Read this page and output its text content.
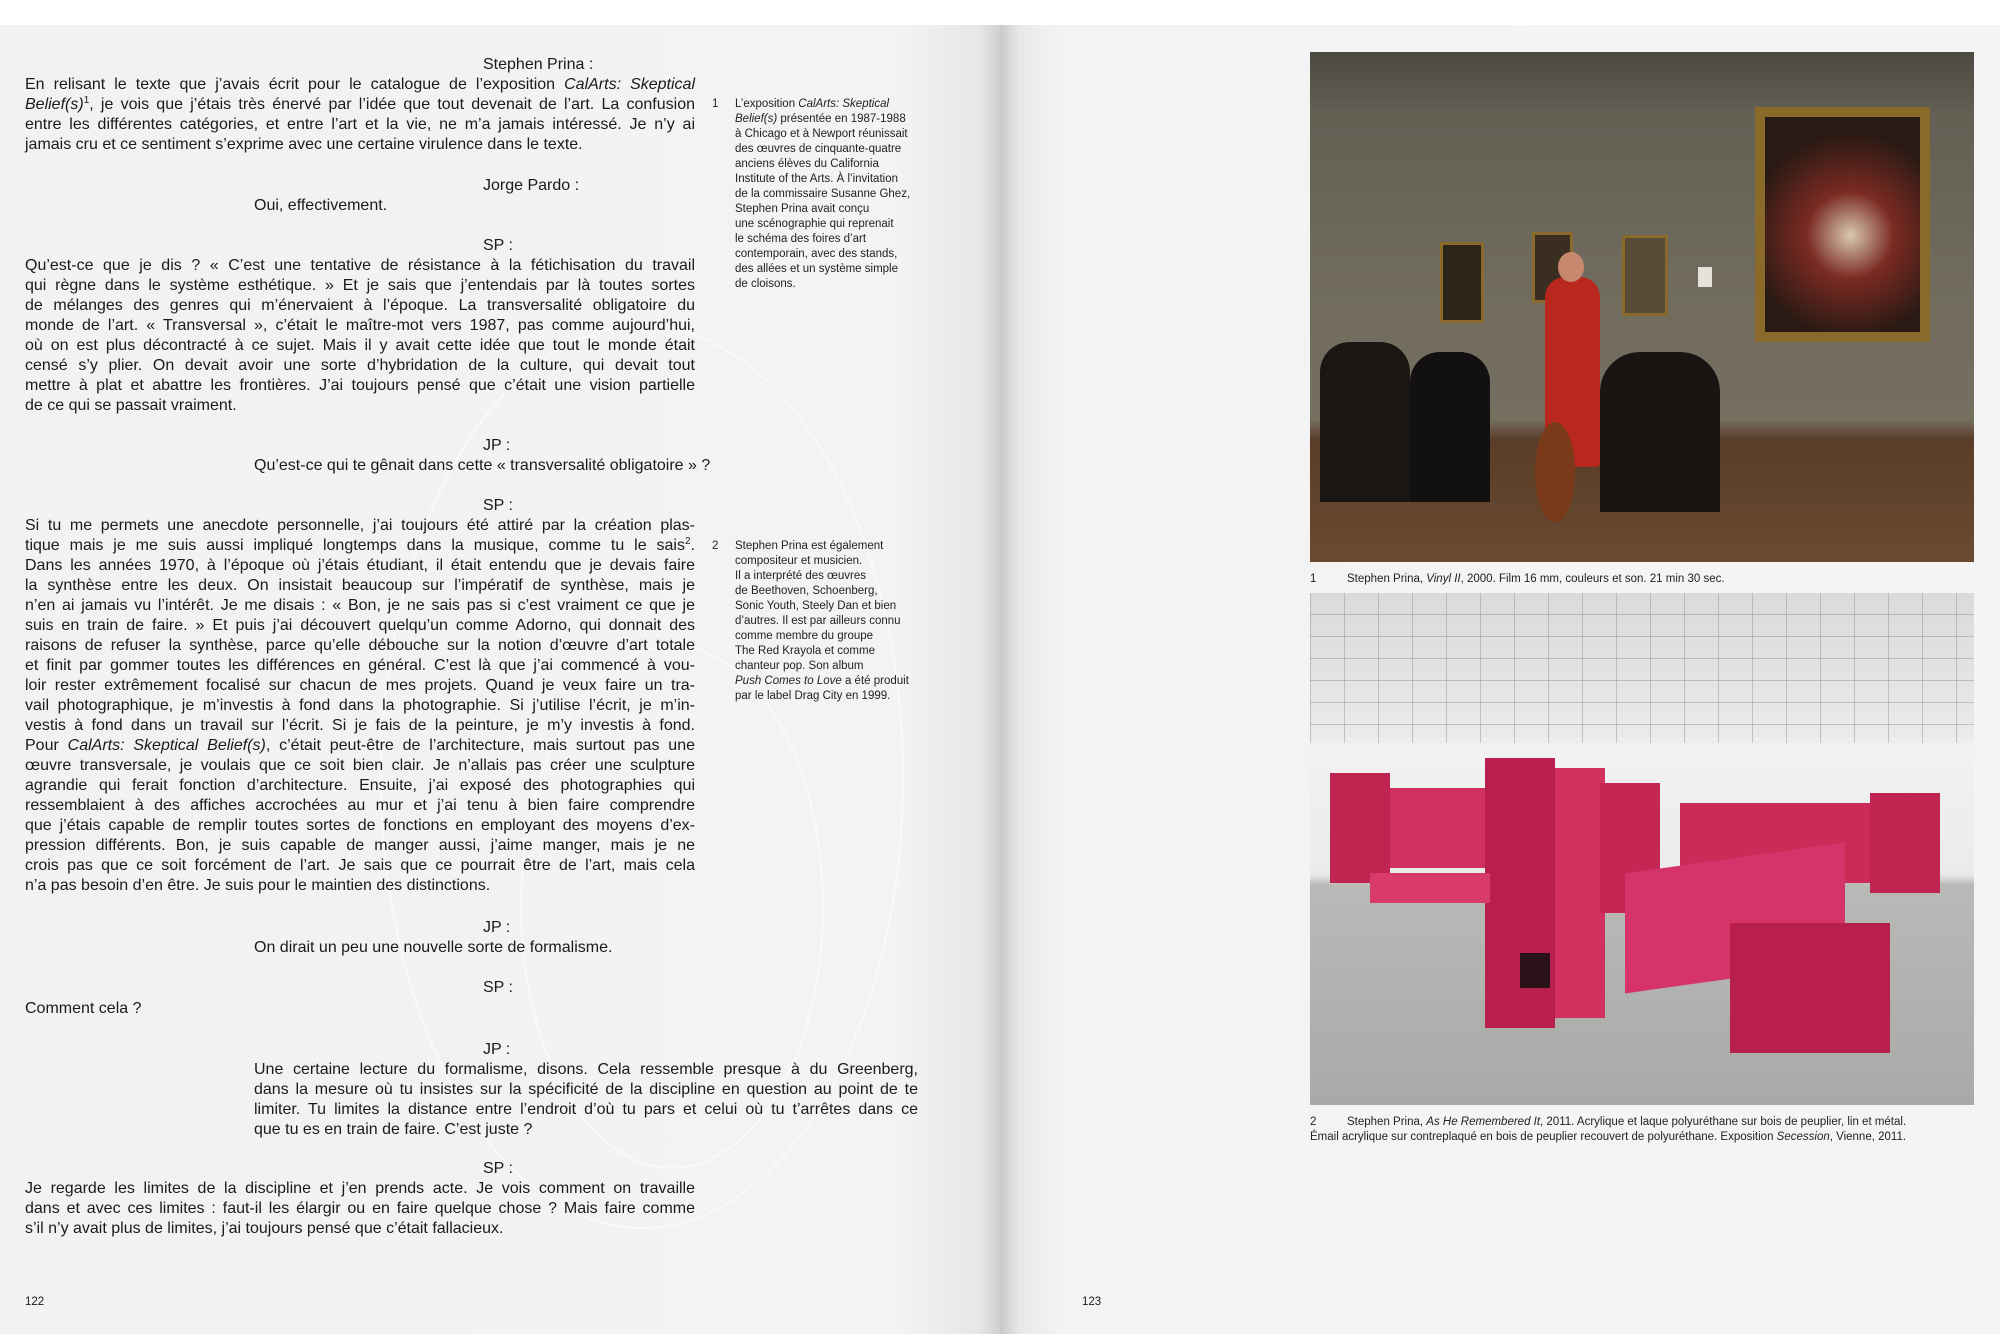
Stephen Prina :
En relisant le texte que j’avais écrit pour le catalogue de l’exposition CalArts: Skeptical
$Belief(s)^1$, je vois que j’étais très énervé par l’idée que tout devenait de l’art. La confusion
entre les différentes catégories, et entre l’art et la vie, ne m’a jamais intéressé. Je n’y ai
jamais cru et ce sentiment s’exprime avec une certaine virulence dans le texte.
Jorge Pardo :
Oui, effectivement.
SP :
Qu’est-ce que je dis ? « C’est une tentative de résistance à la fétichisation du travail
qui règne dans le système esthétique. » Et je sais que j’entendais par là toutes sortes
de mélanges des genres qui m’énervaient à l’époque. La transversalité obligatoire du
monde de l’art. « Transversal », c’était le maître-mot vers 1987, pas comme aujourd’hui,
où on est plus décontracté à ce sujet. Mais il y avait cette idée que tout le monde était
censé s’y plier. On devait avoir une sorte d’hybridation de la culture, qui devait tout
mettre à plat et abattre les frontières. J’ai toujours pensé que c’était une vision partielle
de ce qui se passait vraiment.
JP :
Qu’est-ce qui te gênait dans cette « transversalité obligatoire » ?
SP :
Si tu me permets une anecdote personnelle, j’ai toujours été attiré par la création plas-
tique mais je me suis aussi impliqué longtemps dans la musique, comme tu le sais$^2$.
Dans les années 1970, à l’époque où j’étais étudiant, il était entendu que je devais faire
la synthèse entre les deux. On insistait beaucoup sur l’impératif de synthèse, mais je
n’en ai jamais vu l’intérêt. Je me disais : « Bon, je ne sais pas si c’est vraiment ce que je
suis en train de faire. » Et puis j’ai découvert quelqu’un comme Adorno, qui donnait des
raisons de refuser la synthèse, parce qu’elle débouche sur la notion d’œuvre d’art totale
et finit par gommer toutes les différences en général. C’est là que j’ai commencé à vou-
loir rester extrêmement focalisé sur chacun de mes projets. Quand je veux faire un tra-
vail photographique, je m’investis à fond dans la photographie. Si j’utilise l’écrit, je m’in-
vestis à fond dans un travail sur l’écrit. Si je fais de la peinture, je m’y investis à fond.
Pour CalArts: Skeptical Belief(s), c’était peut-être de l’architecture, mais surtout pas une
œuvre transversale, je voulais que ce soit bien clair. Je n’allais pas créer une sculpture
agrandie qui ferait fonction d’architecture. Ensuite, j’ai exposé des photographies qui
ressemblaient à des affiches accrochées au mur et j’ai tenu à bien faire comprendre
que j’étais capable de remplir toutes sortes de fonctions en employant des moyens d’ex-
pression différents. Bon, je suis capable de manger aussi, j’aime manger, mais je ne
crois pas que ce soit forcément de l’art. Je sais que ce pourrait être de l’art, mais cela
n’a pas besoin d’en être. Je suis pour le maintien des distinctions.
JP :
On dirait un peu une nouvelle sorte de formalisme.
SP :
Comment cela ?
JP :
Une certaine lecture du formalisme, disons. Cela ressemble presque à du Greenberg,
dans la mesure où tu insistes sur la spécificité de la discipline en question au point de te
limiter. Tu limites la distance entre l’endroit d’où tu pars et celui où tu t’arrêtes dans ce
que tu es en train de faire. C’est juste ?
SP :
Je regarde les limites de la discipline et j’en prends acte. Je vois comment on travaille
dans et avec ces limites : faut-il les élargir ou en faire quelque chose ? Mais faire comme
s’il n’y avait plus de limites, j’ai toujours pensé que c’était fallacieux.
1 L’exposition CalArts: Skeptical
Belief(s) présentée en 1987-1988
à Chicago et à Newport réunissait
des œuvres de cinquante-quatre
anciens élèves du California
Institute of the Arts. À l’invitation
de la commissaire Susanne Ghez,
Stephen Prina avait conçu
une scénographie qui reprenait
le schéma des foires d’art
contemporain, avec des stands,
des allées et un système simple
de cloisons.
2 Stephen Prina est également
compositeur et musicien.
Il a interprété des œuvres
de Beethoven, Schoenberg,
Sonic Youth, Steely Dan et bien
d’autres. Il est par ailleurs connu
comme membre du groupe
The Red Krayola et comme
chanteur pop. Son album
Push Comes to Love a été produit
par le label Drag City en 1999.
122	123
1	Stephen Prina, Vinyl II, 2000. Film 16 mm, couleurs et son. 21 min 30 sec.
2	Stephen Prina, As He Remembered It, 2011. Acrylique et laque polyuréthane sur bois de peuplier, lin et métal.
Émail acrylique sur contreplaqué en bois de peuplier recouvert de polyuréthane. Exposition Secession, Vienne, 2011.
